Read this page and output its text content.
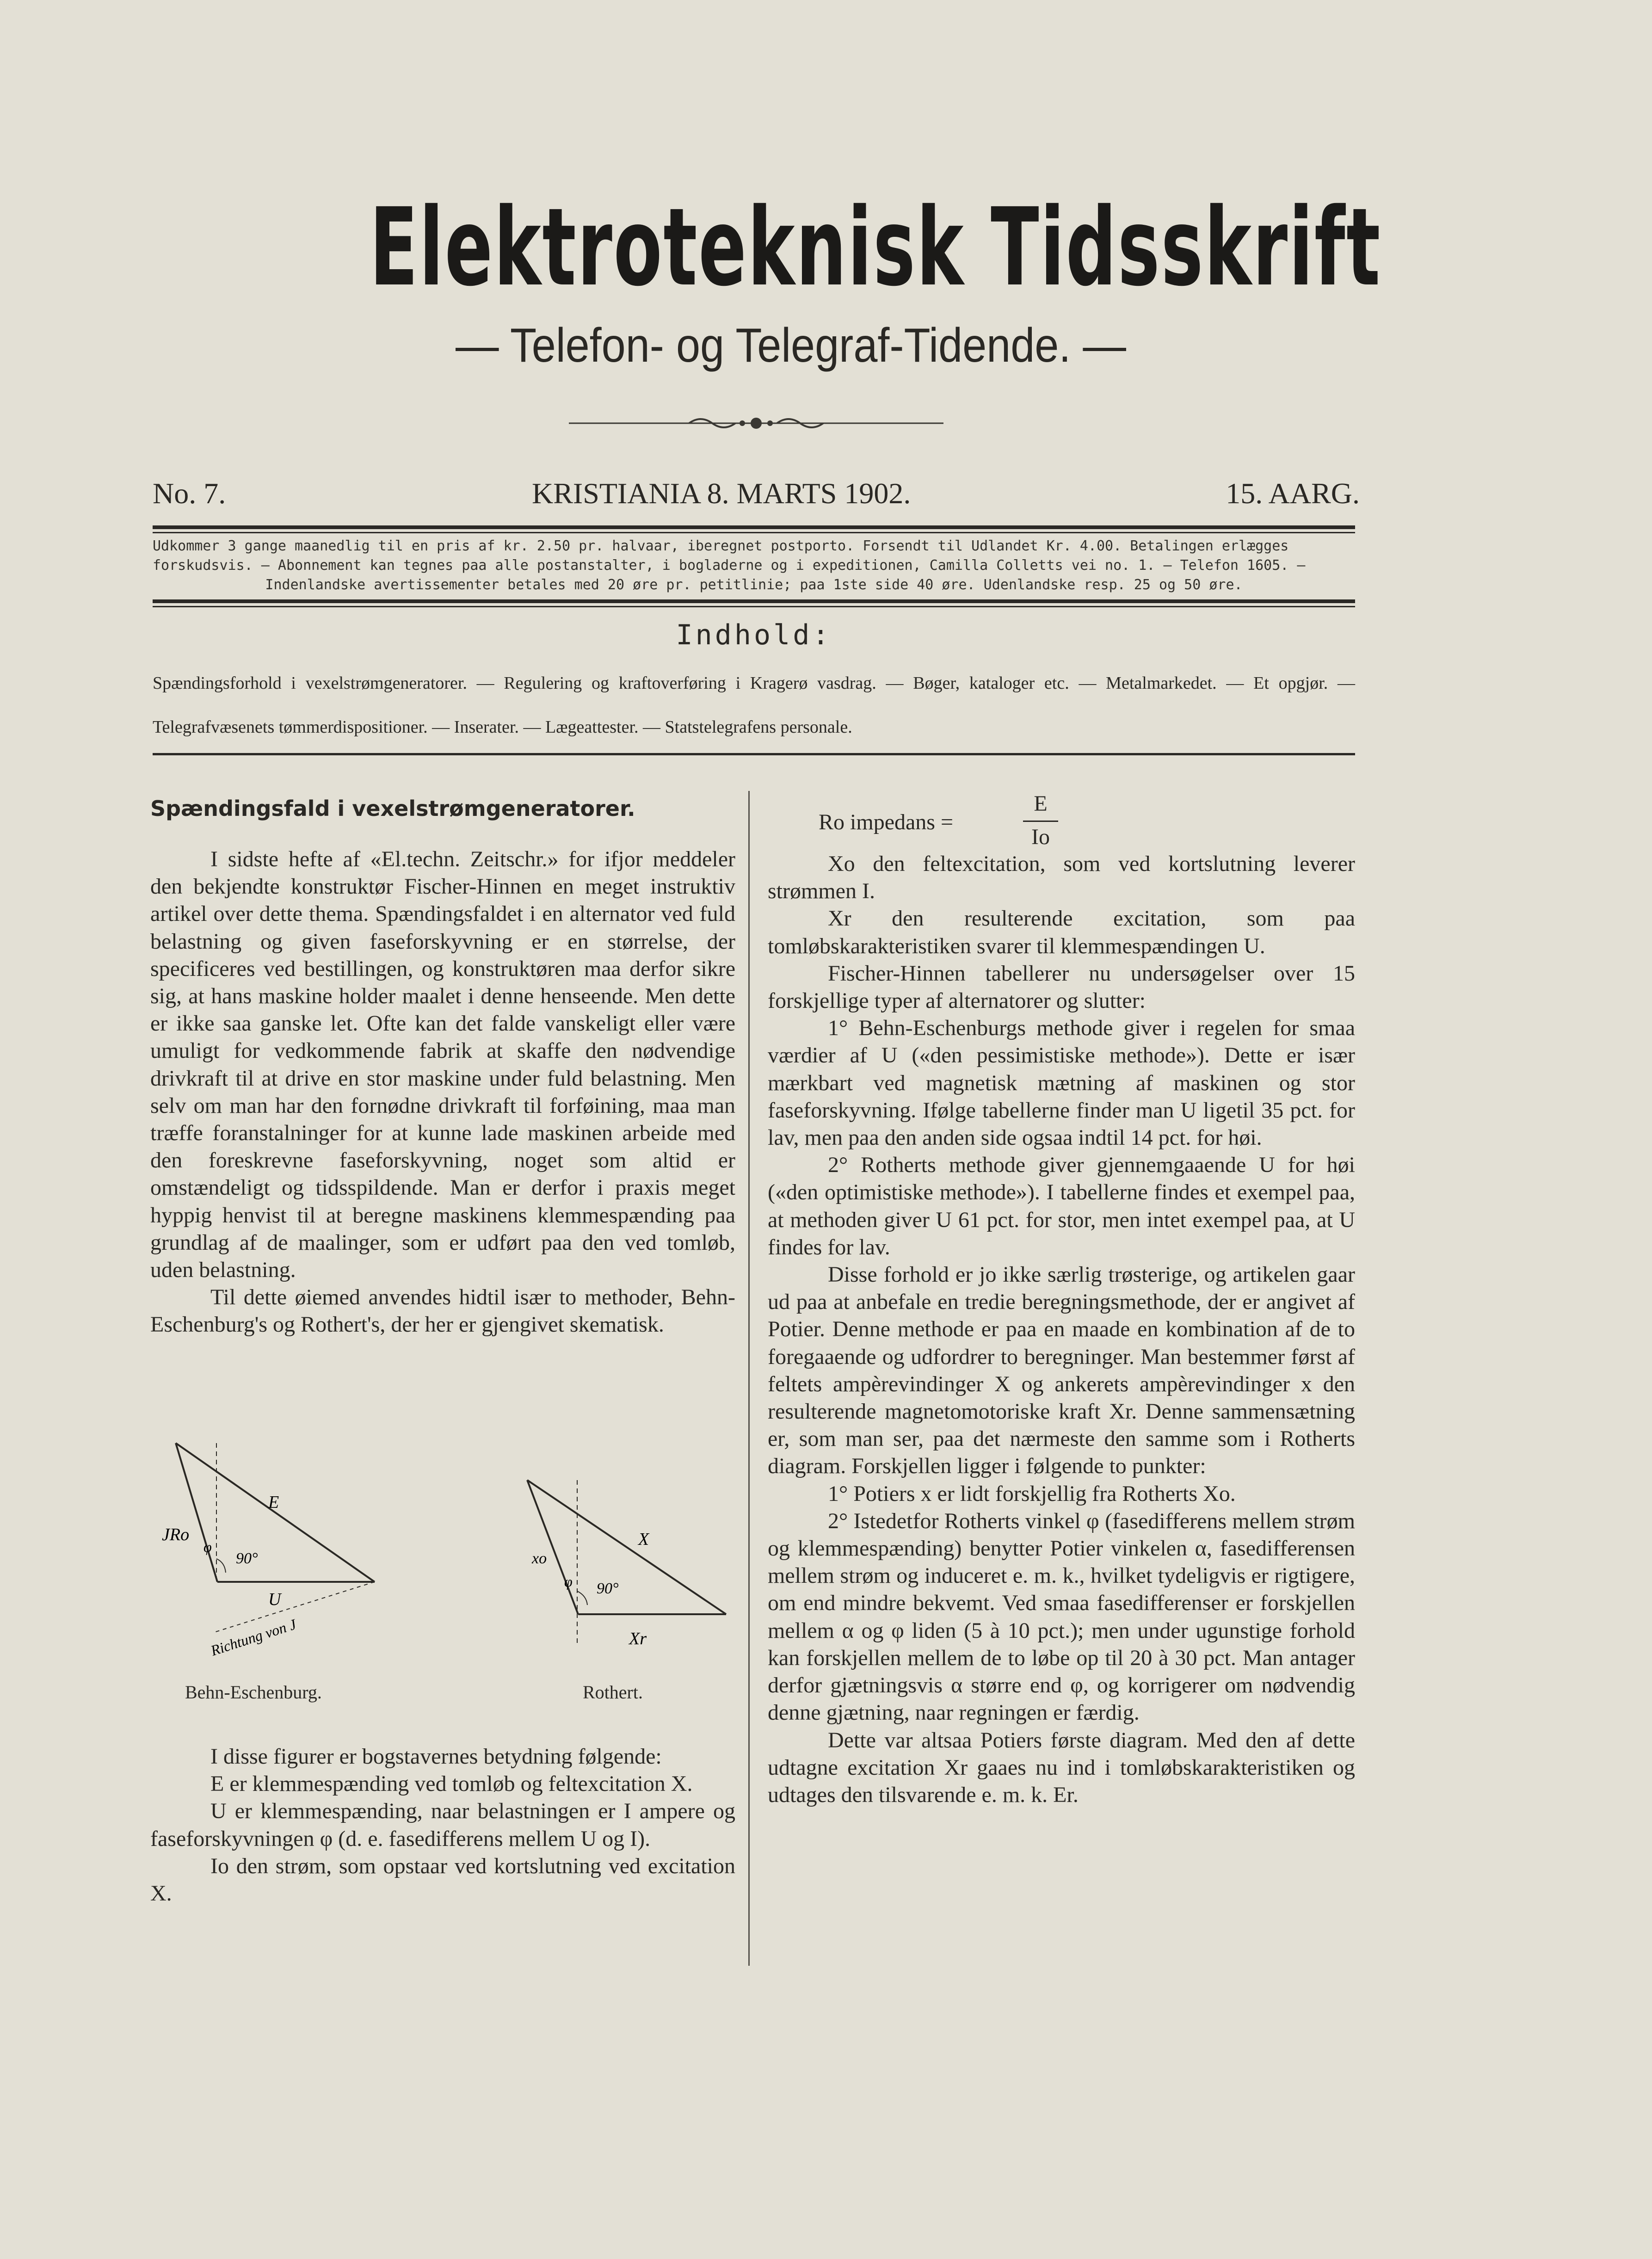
Elektroteknisk Tidsskrift
— Telefon- og Telegraf-Tidende. —
No. 7.	KRISTIANIA 8. MARTS 1902.	15. AARG.
Udkommer 3 gange maanedlig til en pris af kr. 2.50 pr. halvaar, iberegnet postporto. Forsendt til Udlandet Kr. 4.00. Betalingen erlægges
forskudsvis. — Abonnement kan tegnes paa alle postanstalter, i bogladerne og i expeditionen, Camilla Colletts vei no. 1. — Telefon 1605. —
Indenlandske avertissementer betales med 20 øre pr. petitlinie; paa 1ste side 40 øre. Udenlandske resp. 25 og 50 øre.
Indhold:
Spændingsforhold i vexelstrømgeneratorer. — Regulering og kraftoverføring i Kragerø vasdrag. — Bøger, kataloger etc. — Metalmarkedet. — Et opgjør. — Telegrafvæsenets tømmerdispositioner. — Inserater. — Lægeattester. — Statstelegrafens personale.
Spændingsfald i vexelstrømgeneratorer.

I sidste hefte af «El.techn. Zeitschr.» for ifjor meddeler den bekjendte konstruktør Fischer-Hinnen en meget instruktiv artikel over dette thema. Spændingsfaldet i en alternator ved fuld belastning og given faseforskyvning er en størrelse, der specificeres ved bestillingen, og konstruktøren maa derfor sikre sig, at hans maskine holder maalet i denne henseende. Men dette er ikke saa ganske let. Ofte kan det falde vanskeligt eller være umuligt for vedkommende fabrik at skaffe den nødvendige drivkraft til at drive en stor maskine under fuld belastning. Men selv om man har den fornødne drivkraft til forføining, maa man træffe foranstalninger for at kunne lade maskinen arbeide med den foreskrevne faseforskyvning, noget som altid er omstændeligt og tidsspildende. Man er derfor i praxis meget hyppig henvist til at beregne maskinens klemmespænding paa grundlag af de maalinger, som er udført paa den ved tomløb, uden belastning.

Til dette øiemed anvendes hidtil især to methoder, Behn-Eschenburg's og Rothert's, der her er gjengivet skematisk.

JRo
E
U
φ
90°
Richtung von J
Behn-Eschenburg.
X
xo
φ 90°
Xr
Rothert.

I disse figurer er bogstavernes betydning følgende:

E er klemmespænding ved tomløb og feltexcitation X.

U er klemmespænding, naar belastningen er I ampere og faseforskyvningen φ (d. e. fasedifferens mellem U og I).

Io den strøm, som opstaar ved kortslutning ved excitation X.

Ro impedans =
E
Io

Xo den feltexcitation, som ved kortslutning leverer strømmen I.

Xr den resulterende excitation, som paa tomløbskarakteristiken svarer til klemmespændingen U.

Fischer-Hinnen tabellerer nu undersøgelser over 15 forskjellige typer af alternatorer og slutter:

1° Behn-Eschenburgs methode giver i regelen for smaa værdier af U («den pessimistiske methode»). Dette er især mærkbart ved magnetisk mætning af maskinen og stor faseforskyvning. Ifølge tabellerne finder man U ligetil 35 pct. for lav, men paa den anden side ogsaa indtil 14 pct. for høi.

2° Rotherts methode giver gjennemgaaende U for høi («den optimistiske methode»). I tabellerne findes et exempel paa, at methoden giver U 61 pct. for stor, men intet exempel paa, at U findes for lav.

Disse forhold er jo ikke særlig trøsterige, og artikelen gaar ud paa at anbefale en tredie beregningsmethode, der er angivet af Potier. Denne methode er paa en maade en kombination af de to foregaaende og udfordrer to beregninger. Man bestemmer først af feltets ampèrevindinger X og ankerets ampèrevindinger x den resulterende magnetomotoriske kraft Xr. Denne sammensætning er, som man ser, paa det nærmeste den samme som i Rotherts diagram. Forskjellen ligger i følgende to punkter:

1° Potiers x er lidt forskjellig fra Rotherts Xo.

2° Istedetfor Rotherts vinkel φ (fasedifferens mellem strøm og klemmespænding) benytter Potier vinkelen α, fasedifferensen mellem strøm og induceret e. m. k., hvilket tydeligvis er rigtigere, om end mindre bekvemt. Ved smaa fasedifferenser er forskjellen mellem α og φ liden (5 à 10 pct.); men under ugunstige forhold kan forskjellen mellem de to løbe op til 20 à 30 pct. Man antager derfor gjætningsvis α større end φ, og korrigerer om nødvendig denne gjætning, naar regningen er færdig.

Dette var altsaa Potiers første diagram. Med den af dette udtagne excitation Xr gaaes nu ind i tomløbskarakteristiken og udtages den tilsvarende e. m. k. Er.
